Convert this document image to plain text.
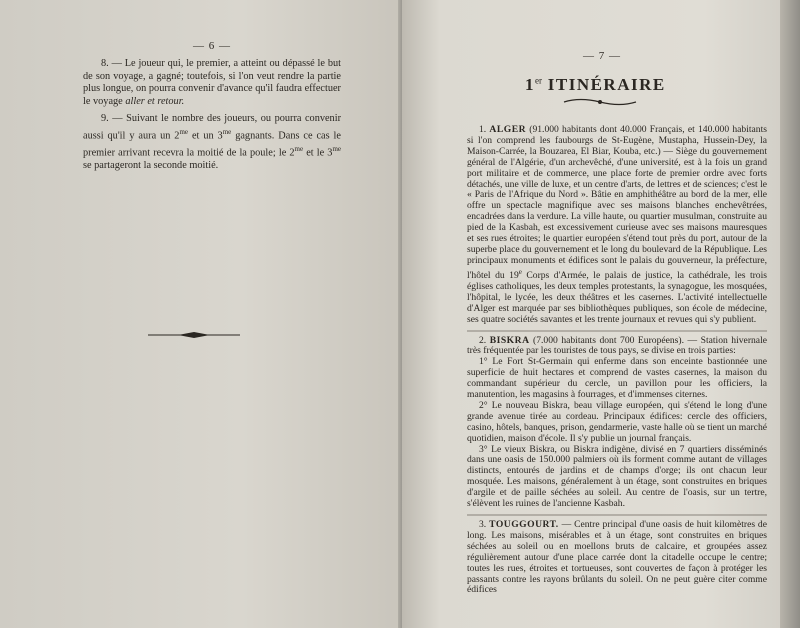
— 6 —

8. — Le joueur qui, le premier, a atteint ou dépassé le but de son voyage, a gagné; toutefois, si l'on veut rendre la partie plus longue, on pourra convenir d'avance qu'il faudra effectuer le voyage aller et retour.

9. — Suivant le nombre des joueurs, ou pourra convenir aussi qu'il y aura un $2^{me}$ et un $3^{me}$ gagnants. Dans ce cas le premier arrivant recevra la moitié de la poule; le $2^{me}$ et le $3^{me}$ se partageront la seconde moitié.

— 7 —
1er ITINÉRAIRE

1. ALGER (91.000 habitants dont 40.000 Français, et 140.000 habitants si l'on comprend les faubourgs de St-Eugène, Mustapha, Hussein-Dey, la Maison-Carrée, la Bouzarea, El Biar, Kouba, etc.) — Siège du gouvernement général de l'Algérie, d'un archevêché, d'une université, est à la fois un grand port militaire et de commerce, une place forte de premier ordre avec forts détachés, une ville de luxe, et un centre d'arts, de lettres et de sciences; c'est le « Paris de l'Afrique du Nord ». Bâtie en amphithéâtre au bord de la mer, elle offre un spectacle magnifique avec ses maisons blanches enchevêtrées, encadrées dans la verdure. La ville haute, ou quartier musulman, construite au pied de la Kasbah, est excessivement curieuse avec ses maisons mauresques et ses rues étroites; le quartier européen s'étend tout près du port, autour de la superbe place du gouvernement et le long du boulevard de la République. Les principaux monuments et édifices sont le palais du gouverneur, la préfecture, l'hôtel du 19e Corps d'Armée, le palais de justice, la cathédrale, les trois églises catholiques, les deux temples protestants, la synagogue, les mosquées, l'hôpital, le lycée, les deux théâtres et les casernes. L'activité intellectuelle d'Alger est marquée par ses bibliothèques publiques, son école de médecine, ses quatre sociétés savantes et les trente journaux et revues qui s'y publient.

2. BISKRA (7.000 habitants dont 700 Européens). — Station hivernale très fréquentée par les touristes de tous pays, se divise en trois parties:

1° Le Fort St-Germain qui enferme dans son enceinte bastionnée une superficie de huit hectares et comprend de vastes casernes, la maison du commandant supérieur du cercle, un pavillon pour les officiers, la manutention, les magasins à fourrages, et d'immenses citernes.

2° Le nouveau Biskra, beau village européen, qui s'étend le long d'une grande avenue tirée au cordeau. Principaux édifices: cercle des officiers, casino, hôtels, banques, prison, gendarmerie, vaste halle où se tient un marché quotidien, maison d'école. Il s'y publie un journal français.

3° Le vieux Biskra, ou Biskra indigène, divisé en 7 quartiers disséminés dans une oasis de 150.000 palmiers où ils forment comme autant de villages distincts, entourés de jardins et de champs d'orge; ils ont chacun leur mosquée. Les maisons, généralement à un étage, sont construites en briques d'argile et de paille séchées au soleil. Au centre de l'oasis, sur un tertre, s'élèvent les ruines de l'ancienne Kasbah.

3. TOUGGOURT. — Centre principal d'une oasis de huit kilomètres de long. Les maisons, misérables et à un étage, sont construites en briques séchées au soleil ou en moellons bruts de calcaire, et groupées assez régulièrement autour d'une place carrée dont la citadelle occupe le centre; toutes les rues, étroites et tortueuses, sont couvertes de façon à protéger les passants contre les rayons brûlants du soleil. On ne peut guère citer comme édifices
